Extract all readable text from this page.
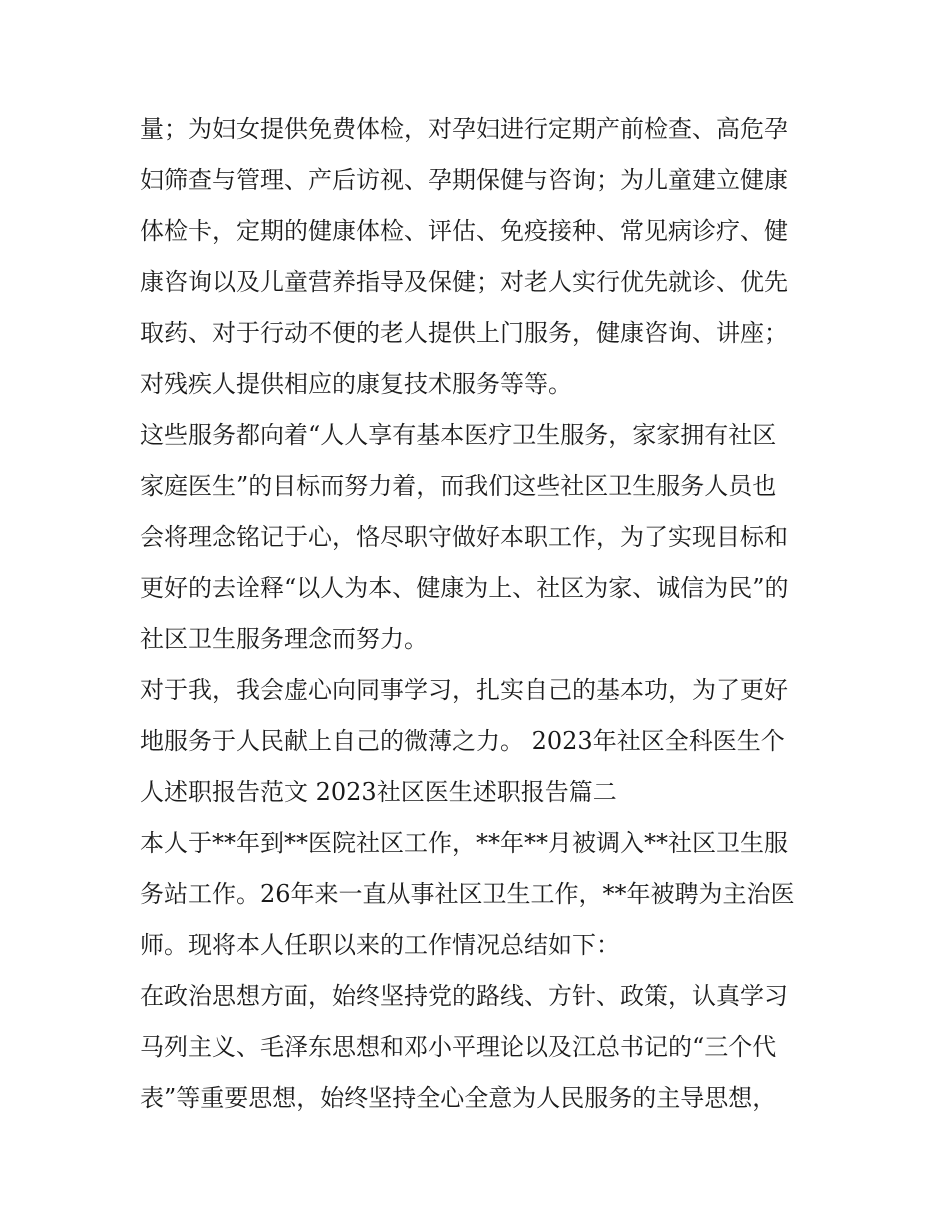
量；为妇女提供免费体检，对孕妇进行定期产前检查、高危孕
妇筛查与管理、产后访视、孕期保健与咨询；为儿童建立健康
体检卡，定期的健康体检、评估、免疫接种、常见病诊疗、健
康咨询以及儿童营养指导及保健；对老人实行优先就诊、优先
取药、对于行动不便的老人提供上门服务，健康咨询、讲座；
对残疾人提供相应的康复技术服务等等。
这些服务都向着“人人享有基本医疗卫生服务，家家拥有社区
家庭医生”的目标而努力着，而我们这些社区卫生服务人员也
会将理念铭记于心，恪尽职守做好本职工作，为了实现目标和
更好的去诠释“以人为本、健康为上、社区为家、诚信为民”的
社区卫生服务理念而努力。
对于我，我会虚心向同事学习，扎实自己的基本功，为了更好
地服务于人民献上自己的微薄之力。 2023年社区全科医生个
人述职报告范文 2023社区医生述职报告篇二
本人于**年到**医院社区工作，**年**月被调入**社区卫生服
务站工作。26年来一直从事社区卫生工作，**年被聘为主治医
师。现将本人任职以来的工作情况总结如下：
在政治思想方面，始终坚持党的路线、方针、政策，认真学习
马列主义、毛泽东思想和邓小平理论以及江总书记的“三个代
表”等重要思想，始终坚持全心全意为人民服务的主导思想，
